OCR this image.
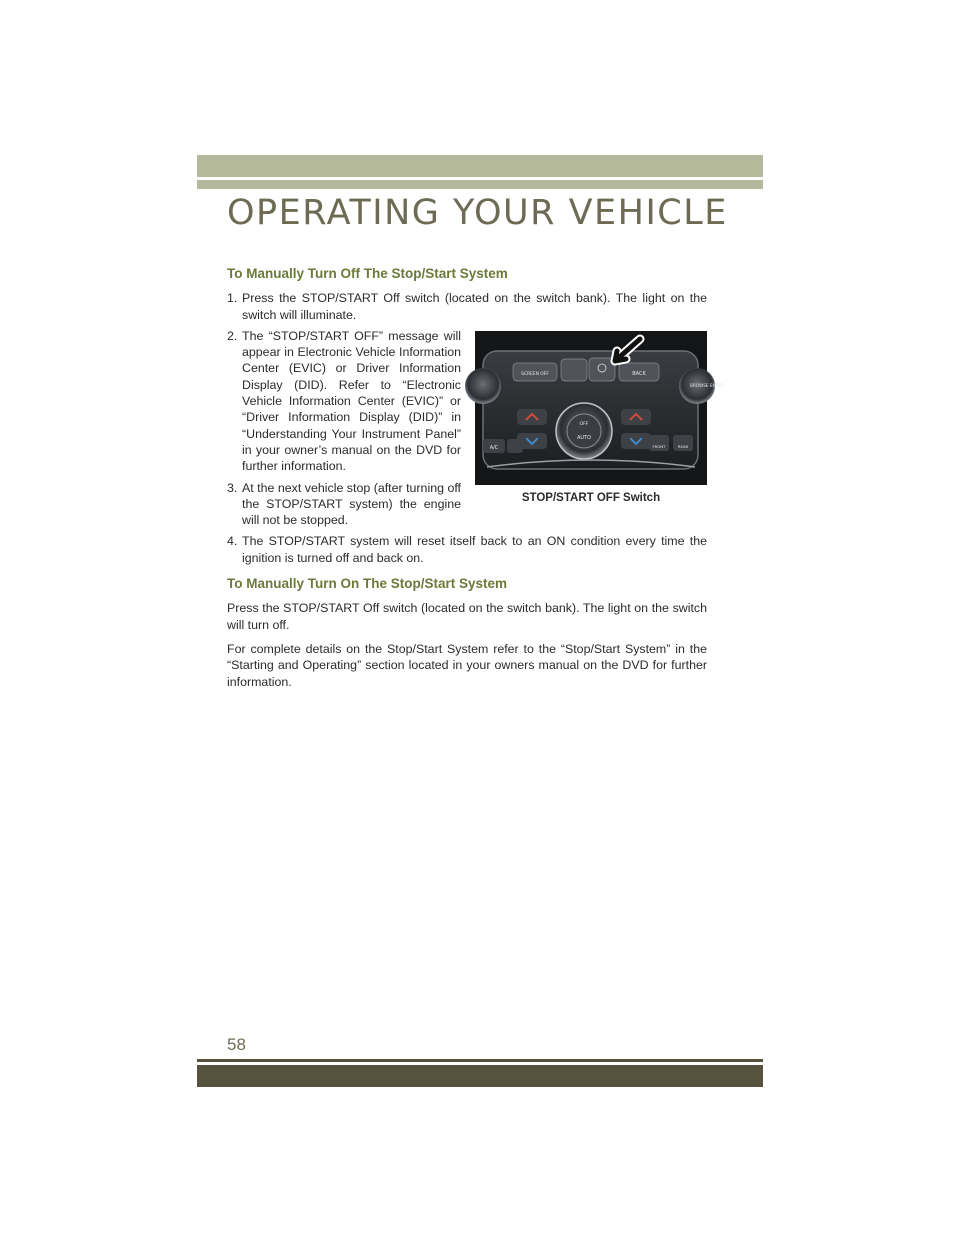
OPERATING YOUR VEHICLE
To Manually Turn Off The Stop/Start System
1. Press the STOP/START Off switch (located on the switch bank). The light on the switch will illuminate.
2. The “STOP/START OFF” message will appear in Electronic Vehicle Information Center (EVIC) or Driver Information Display (DID). Refer to “Electronic Vehicle Information Center (EVIC)” or “Driver Information Display (DID)” in “Understanding Your Instrument Panel” in your owner’s manual on the DVD for further information.
3. At the next vehicle stop (after turning off the STOP/START system) the engine will not be stopped.
4. The STOP/START system will reset itself back to an ON condition every time the ignition is turned off and back on.
To Manually Turn On The Stop/Start System

Press the STOP/START Off switch (located on the switch bank). The light on the switch will turn off.

For complete details on the Stop/Start System refer to the “Stop/Start System” in the “Starting and Operating” section located in your owners manual on the DVD for further information.

BROWSE ENTER
SCREEN OFF	BACK
OFF
AUTO
A/C	FRONT	REAR
STOP/START OFF Switch
58
